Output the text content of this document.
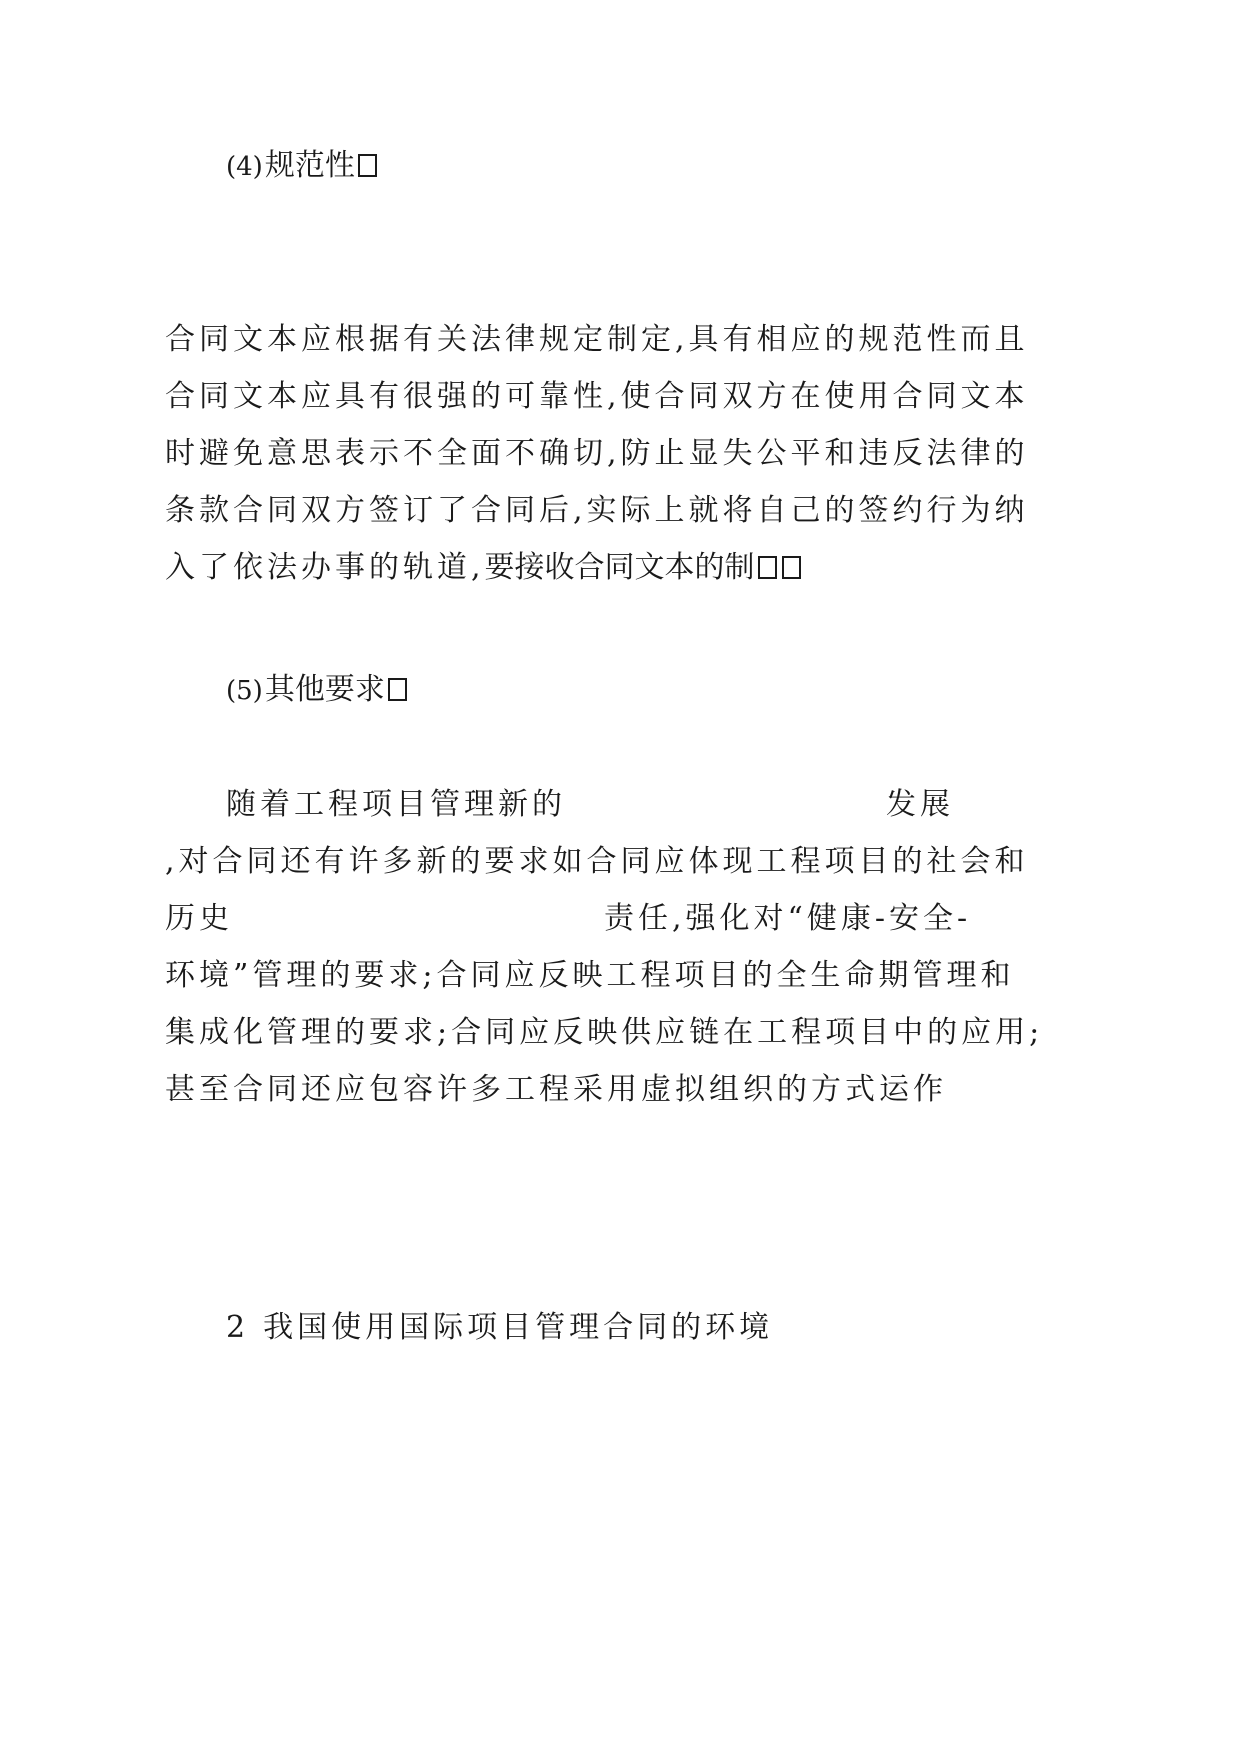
(4)规范性
合同文本应根据有关法律规定制定,具有相应的规范性而且
合同文本应具有很强的可靠性,使合同双方在使用合同文本
时避免意思表示不全面不确切,防止显失公平和违反法律的
条款合同双方签订了合同后,实际上就将自己的签约行为纳
入了依法办事的轨道,要接收合同文本的制
(5)其他要求
随着工程项目管理新的	发展
,对合同还有许多新的要求如合同应体现工程项目的社会和
历史	责任,强化对“健康-安全-
环境”管理的要求;合同应反映工程项目的全生命期管理和
集成化管理的要求;合同应反映供应链在工程项目中的应用;
甚至合同还应包容许多工程采用虚拟组织的方式运作
2 我国使用国际项目管理合同的环境
